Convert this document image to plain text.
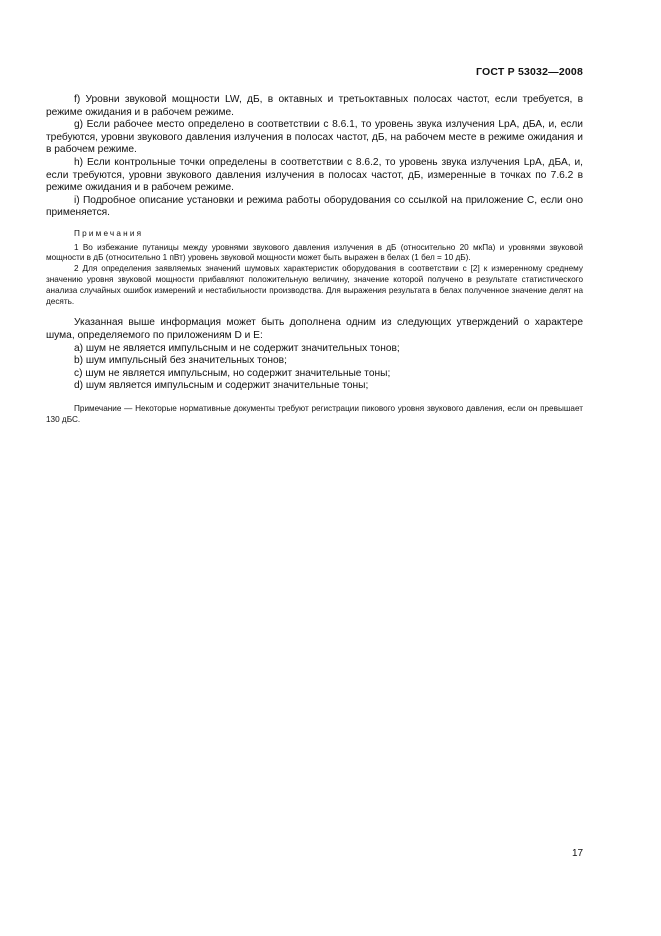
ГОСТ Р 53032—2008

f) Уровни звуковой мощности LW, дБ, в октавных и третьоктавных полосах частот, если требуется, в режиме ожидания и в рабочем режиме.

g) Если рабочее место определено в соответствии с 8.6.1, то уровень звука излучения LpA, дБА, и, если требуются, уровни звукового давления излучения в полосах частот, дБ, на рабочем месте в режиме ожидания и в рабочем режиме.

h) Если контрольные точки определены в соответствии с 8.6.2, то уровень звука излучения LpA, дБА, и, если требуются, уровни звукового давления излучения в полосах частот, дБ, измеренные в точках по 7.6.2 в режиме ожидания и в рабочем режиме.

i) Подробное описание установки и режима работы оборудования со ссылкой на приложение С, если оно применяется.

Примечания

1 Во избежание путаницы между уровнями звукового давления излучения в дБ (относительно 20 мкПа) и уровнями звуковой мощности в дБ (относительно 1 пВт) уровень звуковой мощности может быть выражен в белах (1 бел = 10 дБ).

2 Для определения заявляемых значений шумовых характеристик оборудования в соответствии с [2] к измеренному среднему значению уровня звуковой мощности прибавляют положительную величину, значение которой получено в результате статистического анализа случайных ошибок измерений и нестабильности производства. Для выражения результата в белах полученное значение делят на десять.

Указанная выше информация может быть дополнена одним из следующих утверждений о характере шума, определяемого по приложениям D и Е:

а) шум не является импульсным и не содержит значительных тонов;

b) шум импульсный без значительных тонов;

с) шум не является импульсным, но содержит значительные тоны;

d) шум является импульсным и содержит значительные тоны;

Примечание — Некоторые нормативные документы требуют регистрации пикового уровня звукового давления, если он превышает 130 дБС.

17
